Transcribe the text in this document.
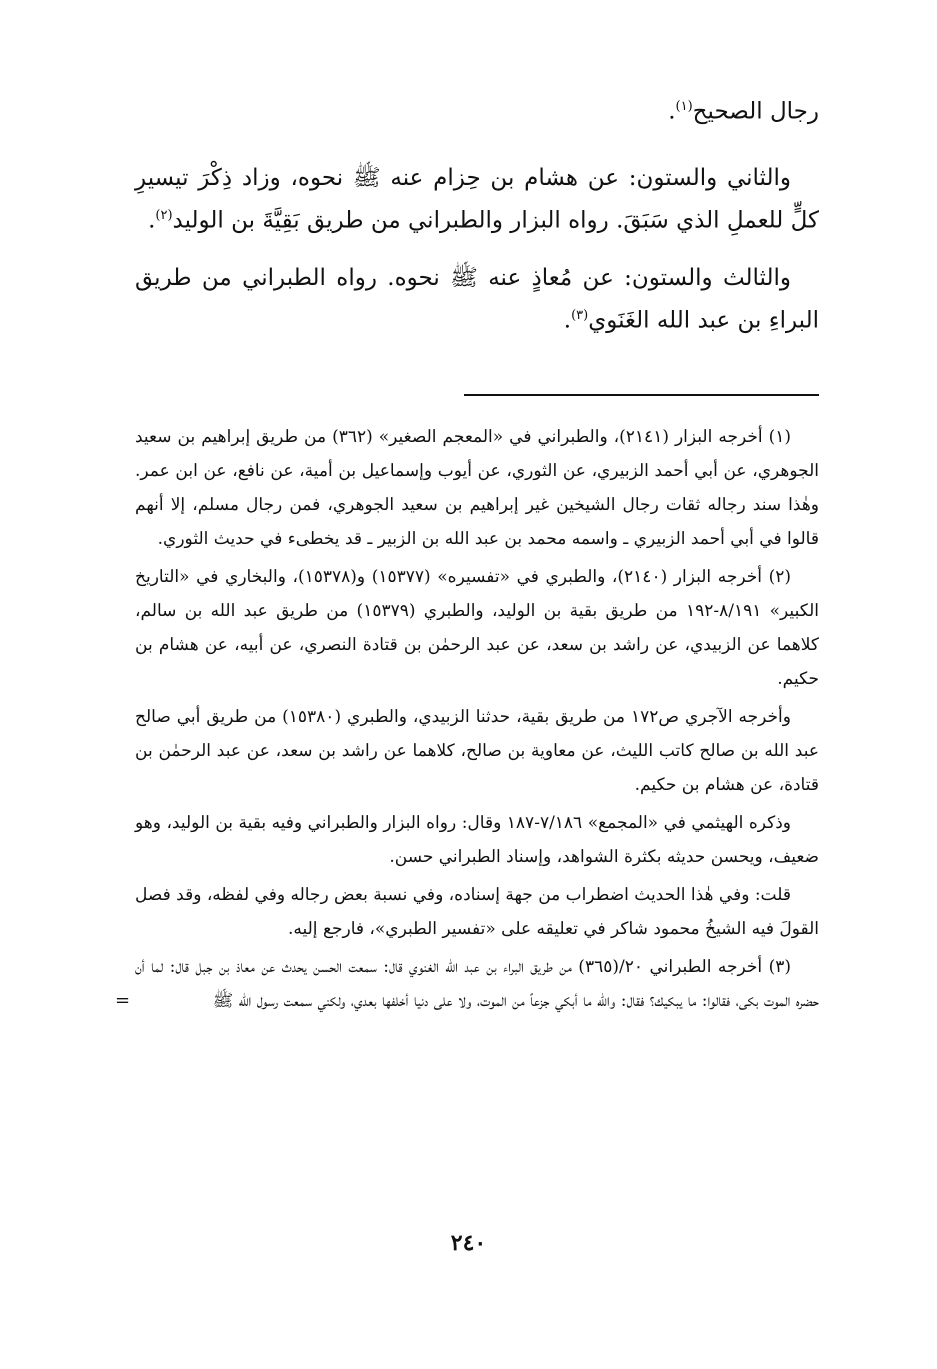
رجال الصحيح$^{(١)}$.

والثاني والستون: عن هشام بن حِزام عنه ﷺ نحوه، وزاد ذِكْرَ تيسيرِ كلٍّ للعملِ الذي سَبَقَ. رواه البزار والطبراني من طريق بَقِيَّةَ بن الوليد$^{(٢)}$.

والثالث والستون: عن مُعاذٍ عنه ﷺ نحوه. رواه الطبراني من طريق البراءِ بن عبد الله الغَنَوي$^{(٣)}$.

(١) أخرجه البزار (٢١٤١)، والطبراني في «المعجم الصغير» (٣٦٢) من طريق إبراهيم بن سعيد الجوهري، عن أبي أحمد الزبيري، عن الثوري، عن أيوب وإسماعيل بن أمية، عن نافع، عن ابن عمر. وهٰذا سند رجاله ثقات رجال الشيخين غير إبراهيم بن سعيد الجوهري، فمن رجال مسلم، إلا أنهم قالوا في أبي أحمد الزبيري ـ واسمه محمد بن عبد الله بن الزبير ـ قد يخطىء في حديث الثوري.

(٢) أخرجه البزار (٢١٤٠)، والطبري في «تفسيره» (١٥٣٧٧) و(١٥٣٧٨)، والبخاري في «التاريخ الكبير» ٨/١٩١-١٩٢ من طريق بقية بن الوليد، والطبري (١٥٣٧٩) من طريق عبد الله بن سالم، كلاهما عن الزبيدي، عن راشد بن سعد، عن عبد الرحمٰن بن قتادة النصري، عن أبيه، عن هشام بن حكيم.

وأخرجه الآجري ص١٧٢ من طريق بقية، حدثنا الزبيدي، والطبري (١٥٣٨٠) من طريق أبي صالح عبد الله بن صالح كاتب الليث، عن معاوية بن صالح، كلاهما عن راشد بن سعد، عن عبد الرحمٰن بن قتادة، عن هشام بن حكيم.

وذكره الهيثمي في «المجمع» ٧/١٨٦-١٨٧ وقال: رواه البزار والطبراني وفيه بقية بن الوليد، وهو ضعيف، ويحسن حديثه بكثرة الشواهد، وإسناد الطبراني حسن.

قلت: وفي هٰذا الحديث اضطراب من جهة إسناده، وفي نسبة بعض رجاله وفي لفظه، وقد فصل القولَ فيه الشيخُ محمود شاكر في تعليقه على «تفسير الطبري»، فارجع إليه.

(٣) أخرجه الطبراني ٢٠/(٣٦٥) من طريق البراء بن عبد الله الغنوي قال: سمعت الحسن يحدث عن معاذ بن جبل قال: لما أن حضره الموت بكى، فقالوا: ما يبكيك؟ فقال: والله ما أبكي جزعاً من الموت، ولا على دنيا أخلفها بعدي، ولكني سمعت رسول الله ﷺ
=

٢٤٠
